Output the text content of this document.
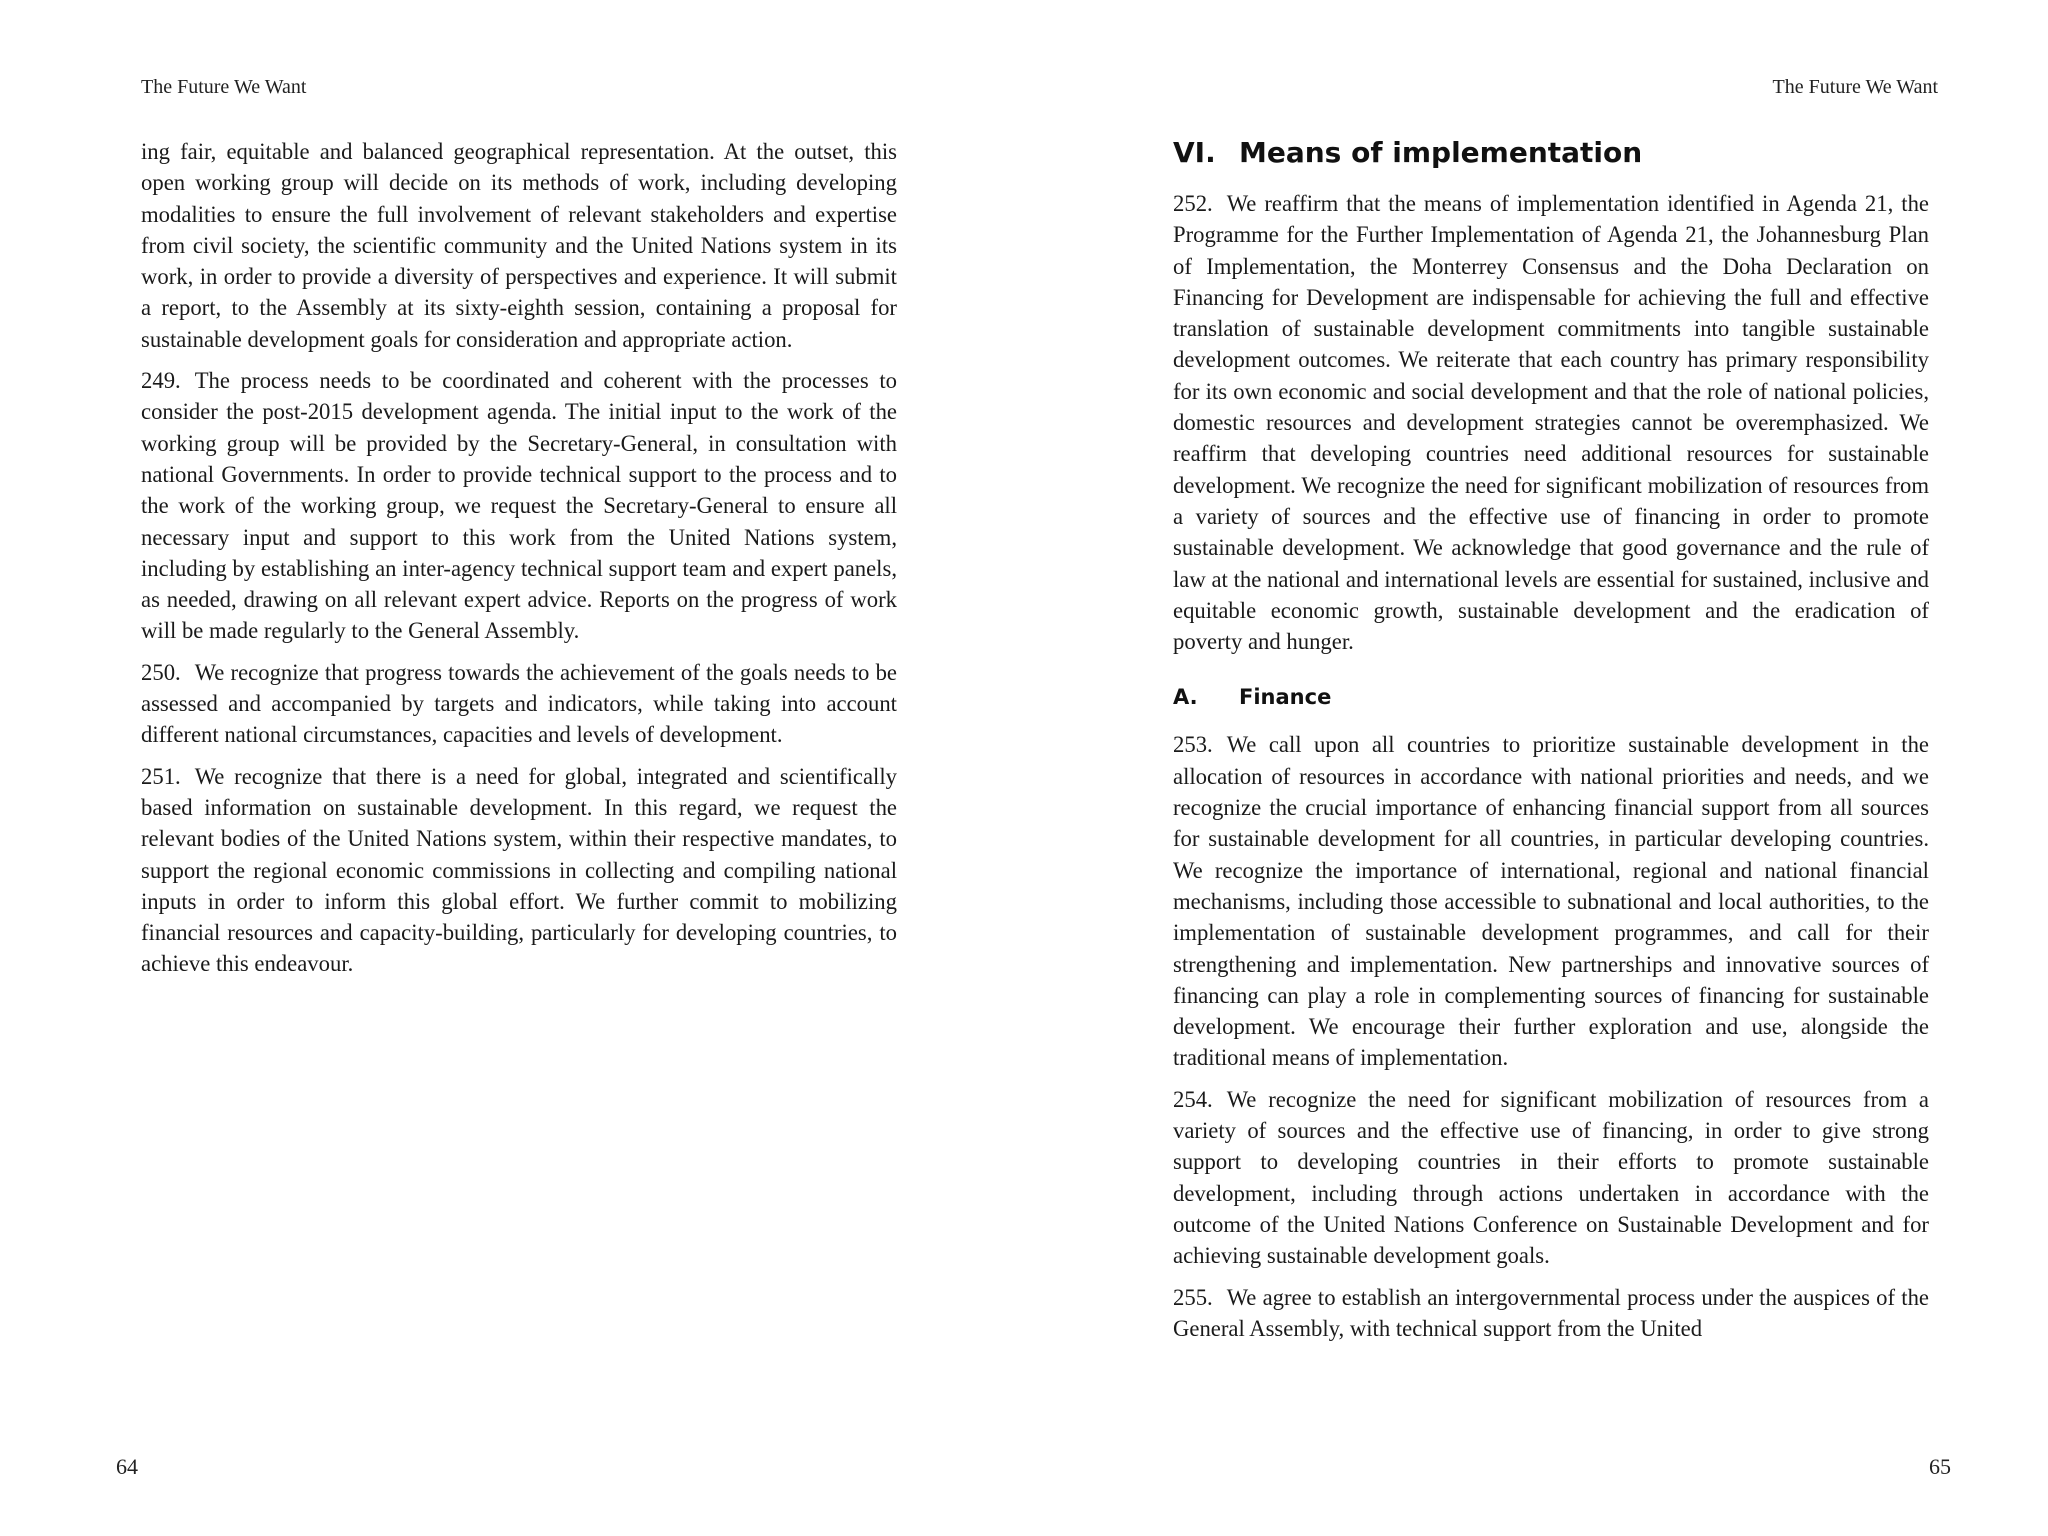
The Future We Want

ing fair, equitable and balanced geographical representation. At the outset, this open working group will decide on its methods of work, including developing modalities to ensure the full involvement of relevant stakeholders and expertise from civil society, the scientific community and the United Nations system in its work, in order to provide a diversity of perspectives and experience. It will submit a report, to the Assembly at its sixty-eighth session, containing a proposal for sustainable development goals for consideration and appropriate action.

249. The process needs to be coordinated and coherent with the processes to consider the post-2015 development agenda. The initial input to the work of the working group will be provided by the Secretary-General, in consultation with national Governments. In order to provide technical support to the process and to the work of the working group, we request the Secretary-General to ensure all necessary input and support to this work from the United Nations system, including by establishing an inter-agency technical support team and expert panels, as needed, drawing on all relevant expert advice. Reports on the progress of work will be made regularly to the General Assembly.

250. We recognize that progress towards the achievement of the goals needs to be assessed and accompanied by targets and indicators, while taking into account different national circumstances, capacities and levels of development.

251. We recognize that there is a need for global, integrated and scientifically based information on sustainable development. In this regard, we request the relevant bodies of the United Nations system, within their respective mandates, to support the regional economic commissions in collecting and compiling national inputs in order to inform this global effort. We further commit to mobilizing financial resources and capacity-building, particularly for developing countries, to achieve this endeavour.

64
The Future We Want
VI. Means of implementation

252. We reaffirm that the means of implementation identified in Agenda 21, the Programme for the Further Implementation of Agenda 21, the Johannesburg Plan of Implementation, the Monterrey Consensus and the Doha Declaration on Financing for Development are indispensable for achieving the full and effective translation of sustainable development commitments into tangible sustainable development outcomes. We reiterate that each country has primary responsibility for its own economic and social development and that the role of national policies, domestic resources and development strategies cannot be overemphasized. We reaffirm that developing countries need additional resources for sustainable development. We recognize the need for significant mobilization of resources from a variety of sources and the effective use of financing in order to promote sustainable development. We acknowledge that good governance and the rule of law at the national and international levels are essential for sustained, inclusive and equitable economic growth, sustainable development and the eradication of poverty and hunger.

A.	Finance

253. We call upon all countries to prioritize sustainable development in the allocation of resources in accordance with national priorities and needs, and we recognize the crucial importance of enhancing financial support from all sources for sustainable development for all countries, in particular developing countries. We recognize the importance of international, regional and national financial mechanisms, including those accessible to subnational and local authorities, to the implementation of sustainable development programmes, and call for their strengthening and implementation. New partnerships and innovative sources of financing can play a role in complementing sources of financing for sustainable development. We encourage their further exploration and use, alongside the traditional means of implementation.

254. We recognize the need for significant mobilization of resources from a variety of sources and the effective use of financing, in order to give strong support to developing countries in their efforts to promote sustainable development, including through actions undertaken in accordance with the outcome of the United Nations Conference on Sustainable Development and for achieving sustainable development goals.

255. We agree to establish an intergovernmental process under the auspices of the General Assembly, with technical support from the United

65
